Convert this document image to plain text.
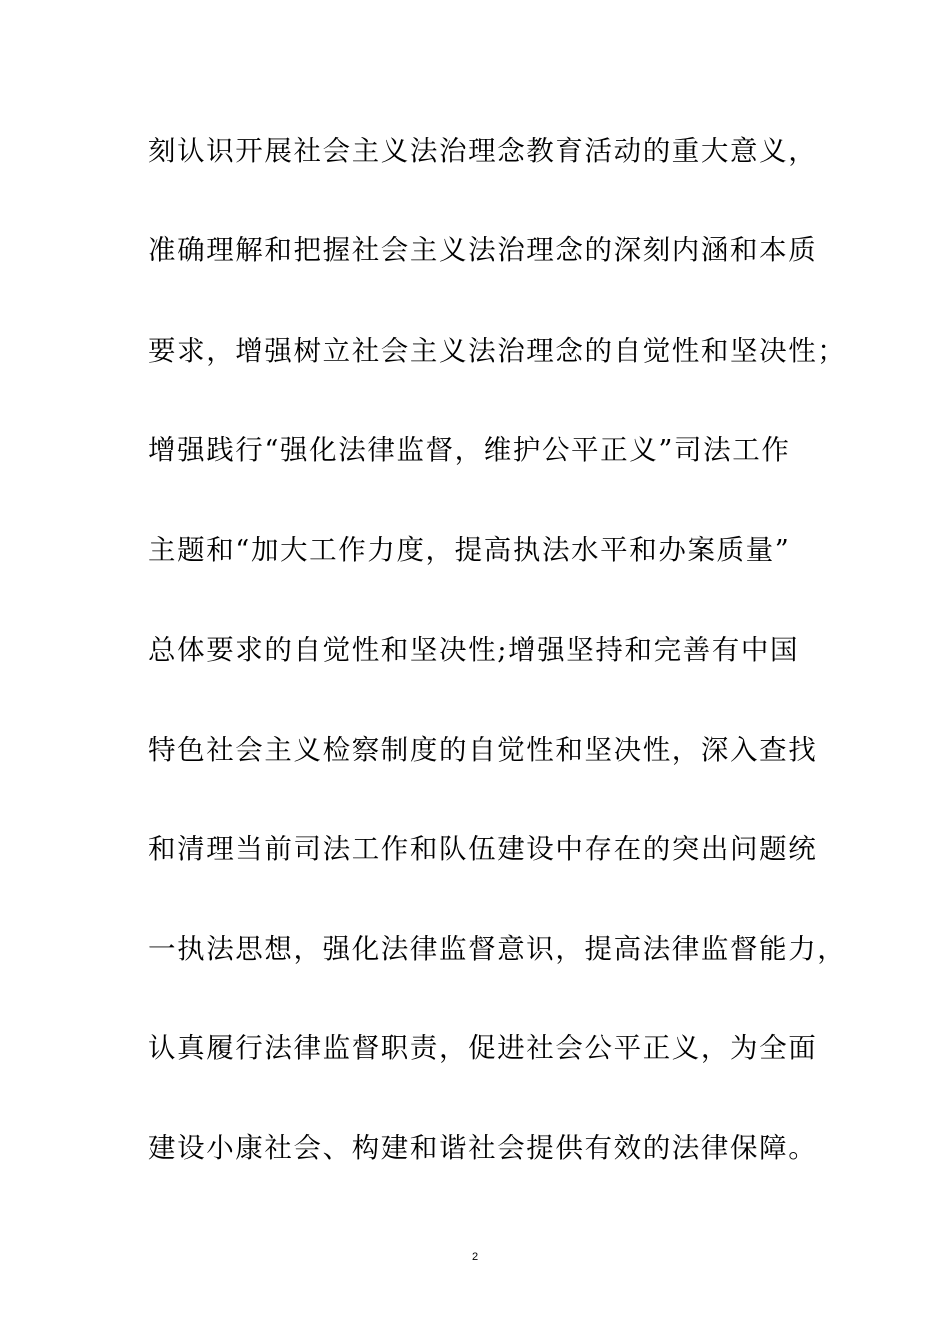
刻认识开展社会主义法治理念教育活动的重大意义，
准确理解和把握社会主义法治理念的深刻内涵和本质
要求，增强树立社会主义法治理念的自觉性和坚决性；
增强践行“强化法律监督，维护公平正义”司法工作
主题和“加大工作力度，提高执法水平和办案质量”
总体要求的自觉性和坚决性;增强坚持和完善有中国
特色社会主义检察制度的自觉性和坚决性，深入查找
和清理当前司法工作和队伍建设中存在的突出问题统
一执法思想，强化法律监督意识，提高法律监督能力，
认真履行法律监督职责，促进社会公平正义，为全面
建设小康社会、构建和谐社会提供有效的法律保障。
2
